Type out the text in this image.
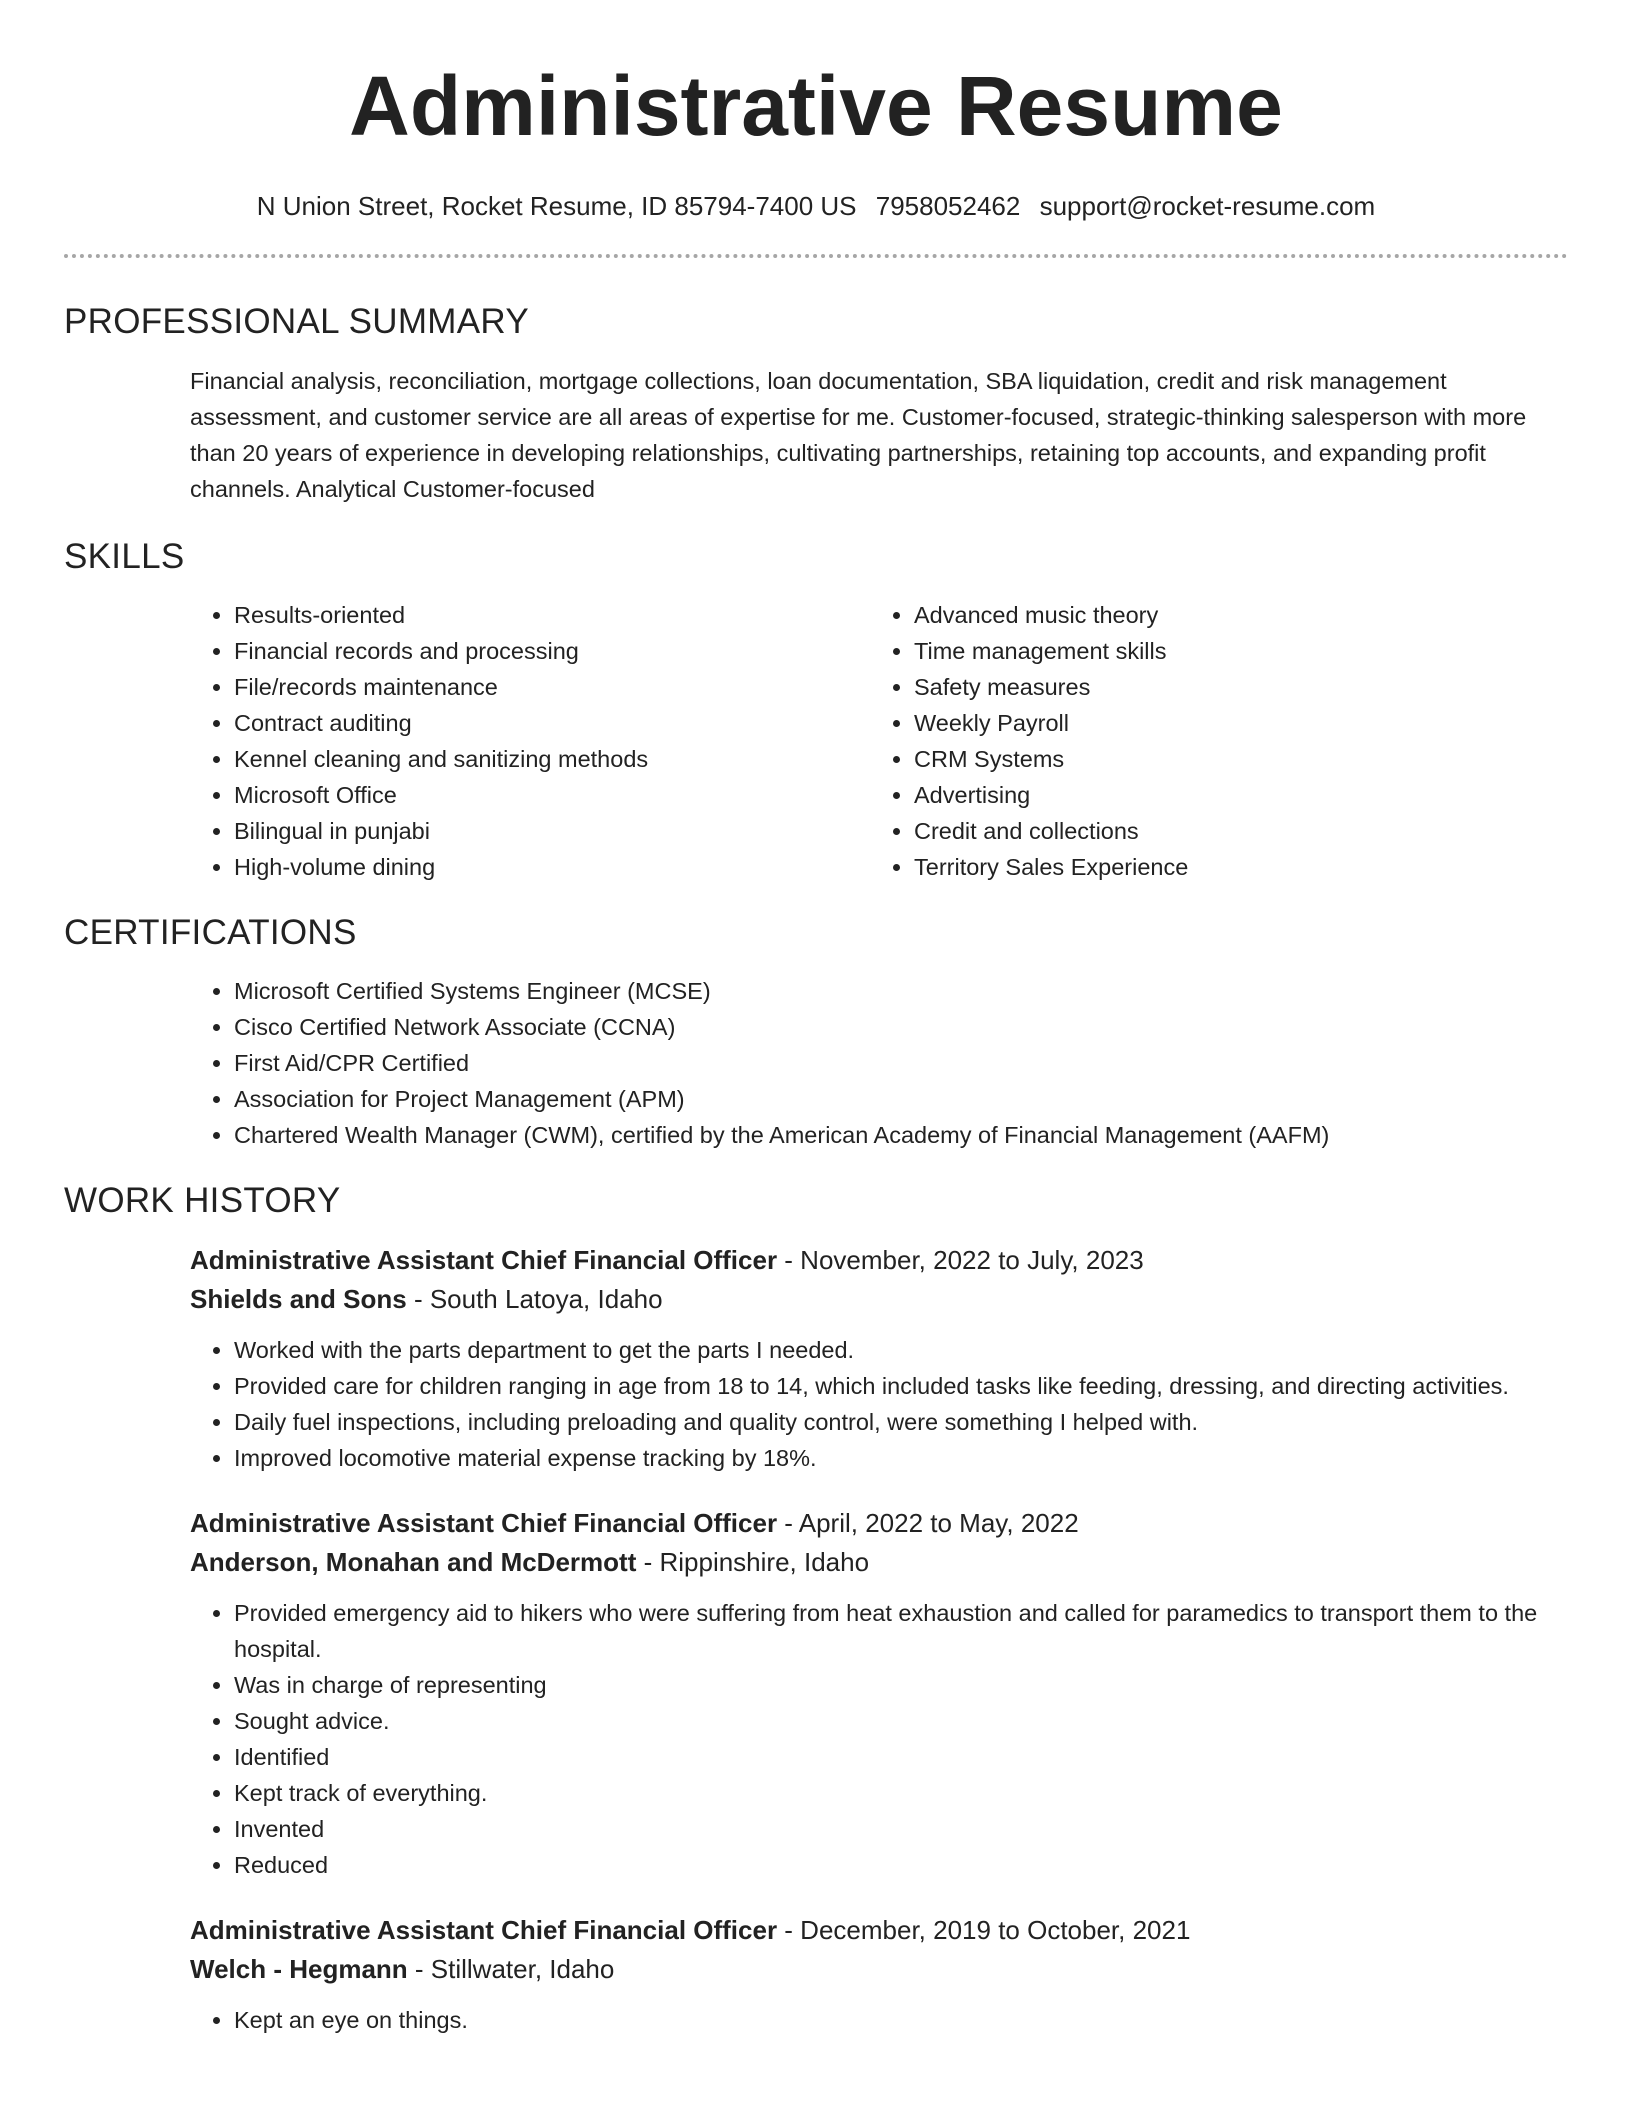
Administrative Resume
N Union Street, Rocket Resume, ID 85794-7400 US 7958052462 support@rocket-resume.com
PROFESSIONAL SUMMARY
Financial analysis, reconciliation, mortgage collections, loan documentation, SBA liquidation, credit and risk management assessment, and customer service are all areas of expertise for me. Customer-focused, strategic-thinking salesperson with more than 20 years of experience in developing relationships, cultivating partnerships, retaining top accounts, and expanding profit channels. Analytical Customer-focused
SKILLS
• Results-oriented
• Financial records and processing
• File/records maintenance
• Contract auditing
• Kennel cleaning and sanitizing methods
• Microsoft Office
• Bilingual in punjabi
• High-volume dining
• Advanced music theory
• Time management skills
• Safety measures
• Weekly Payroll
• CRM Systems
• Advertising
• Credit and collections
• Territory Sales Experience
CERTIFICATIONS
• Microsoft Certified Systems Engineer (MCSE)
• Cisco Certified Network Associate (CCNA)
• First Aid/CPR Certified
• Association for Project Management (APM)
• Chartered Wealth Manager (CWM), certified by the American Academy of Financial Management (AAFM)
WORK HISTORY
Administrative Assistant Chief Financial Officer - November, 2022 to July, 2023
Shields and Sons - South Latoya, Idaho
• Worked with the parts department to get the parts I needed.
• Provided care for children ranging in age from 18 to 14, which included tasks like feeding, dressing, and directing activities.
• Daily fuel inspections, including preloading and quality control, were something I helped with.
• Improved locomotive material expense tracking by 18%.
Administrative Assistant Chief Financial Officer - April, 2022 to May, 2022
Anderson, Monahan and McDermott - Rippinshire, Idaho
• Provided emergency aid to hikers who were suffering from heat exhaustion and called for paramedics to transport them to the hospital.
• Was in charge of representing
• Sought advice.
• Identified
• Kept track of everything.
• Invented
• Reduced
Administrative Assistant Chief Financial Officer - December, 2019 to October, 2021
Welch - Hegmann - Stillwater, Idaho
• Kept an eye on things.
